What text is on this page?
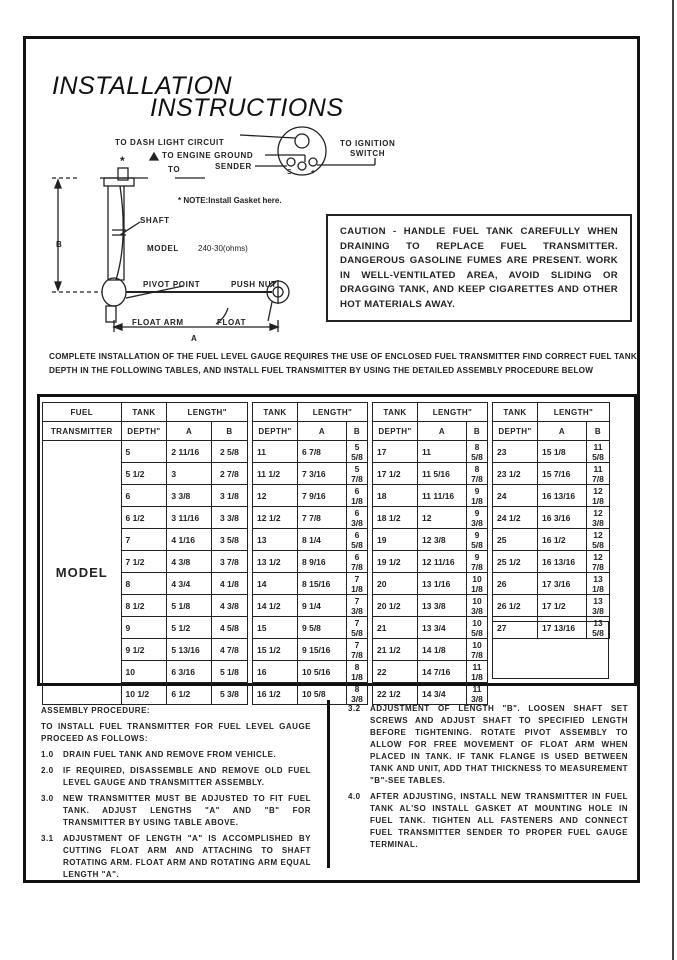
INSTALLATION
INSTRUCTIONS
*
TO DASH LIGHT CIRCUIT
TO ENGINE GROUND
TO	SENDER
TO IGNITION
SWITCH
S	+
* NOTE:Install Gasket here.
SHAFT
MODEL 240-30(ohms)
PIVOT POINT	PUSH NUT
FLOAT ARM	FLOAT
A
B
CAUTION - HANDLE FUEL TANK CAREFULLY WHEN DRAINING TO REPLACE FUEL TRANSMITTER. DANGEROUS GASOLINE FUMES ARE PRESENT. WORK IN WELL-VENTILATED AREA, AVOID SLIDING OR DRAGGING TANK, AND KEEP CIGARETTES AND OTHER HOT MATERIALS AWAY.
COMPLETE INSTALLATION OF THE FUEL LEVEL GAUGE REQUIRES THE USE OF ENCLOSED FUEL TRANSMITTER FIND CORRECT FUEL TANK DEPTH IN THE FOLLOWING TABLES, AND INSTALL FUEL TRANSMITTER BY USING THE DETAILED ASSEMBLY PROCEDURE BELOW
FUEL	TANK	LENGTH"	
TRANSMITTER	DEPTH"	A	B
MODEL	5	2 11/16	2 5/8
	5 1/2	3	2 7/8
	6	3 3/8	3 1/8
	6 1/2	3 11/16	3 3/8
	7	4 1/16	3 5/8
	7 1/2	4 3/8	3 7/8
	8	4 3/4	4 1/8
	8 1/2	5 1/8	4 3/8
	9	5 1/2	4 5/8
	9 1/2	5 13/16	4 7/8
	10	6 3/16	5 1/8
	10 1/2	6 1/2	5 3/8
TANK	LENGTH"	
DEPTH"	A	B
11	6 7/8	5 5/8
11 1/2	7 3/16	5 7/8
12	7 9/16	6 1/8
12 1/2	7 7/8	6 3/8
13	8 1/4	6 5/8
13 1/2	8 9/16	6 7/8
14	8 15/16	7 1/8
14 1/2	9 1/4	7 3/8
15	9 5/8	7 5/8
15 1/2	9 15/16	7 7/8
16	10 5/16	8 1/8
16 1/2	10 5/8	8 3/8
TANK	LENGTH"	
DEPTH"	A	B
17	11	8 5/8
17 1/2	11 5/16	8 7/8
18	11 11/16	9 1/8
18 1/2	12	9 3/8
19	12 3/8	9 5/8
19 1/2	12 11/16	9 7/8
20	13 1/16	10 1/8
20 1/2	13 3/8	10 3/8
21	13 3/4	10 5/8
21 1/2	14 1/8	10 7/8
22	14 7/16	11 1/8
22 1/2	14 3/4	11 3/8
TANK	LENGTH"	
DEPTH"	A	B
23	15 1/8	11 5/8
23 1/2	15 7/16	11 7/8
24	16 13/16	12 1/8
24 1/2	16 3/16	12 3/8
25	16 1/2	12 5/8
25 1/2	16 13/16	12 7/8
26	17 3/16	13 1/8
26 1/2	17 1/2	13 3/8
27	17 13/16	13 5/8
ASSEMBLY PROCEDURE:
TO INSTALL FUEL TRANSMITTER FOR FUEL LEVEL GAUGE PROCEED AS FOLLOWS:
1.0	DRAIN FUEL TANK AND REMOVE FROM VEHICLE.
2.0	IF REQUIRED, DISASSEMBLE AND REMOVE OLD FUEL LEVEL GAUGE AND TRANSMITTER ASSEMBLY.
3.0	NEW TRANSMITTER MUST BE ADJUSTED TO FIT FUEL TANK. ADJUST LENGTHS "A" AND "B" FOR TRANSMITTER BY USING TABLE ABOVE.
3.1	ADJUSTMENT OF LENGTH "A" IS ACCOMPLISHED BY CUTTING FLOAT ARM AND ATTACHING TO SHAFT ROTATING ARM. FLOAT ARM AND ROTATING ARM EQUAL LENGTH "A".
3.2	ADJUSTMENT OF LENGTH "B". LOOSEN SHAFT SET SCREWS AND ADJUST SHAFT TO SPECIFIED LENGTH BEFORE TIGHTENING. ROTATE PIVOT ASSEMBLY TO ALLOW FOR FREE MOVEMENT OF FLOAT ARM WHEN PLACED IN TANK. IF TANK FLANGE IS USED BETWEEN TANK AND UNIT, ADD THAT THICKNESS TO MEASUREMENT "B"-SEE TABLES.
4.0	AFTER ADJUSTING, INSTALL NEW TRANSMITTER IN FUEL TANK AL'SO INSTALL GASKET AT MOUNTING HOLE IN FUEL TANK. TIGHTEN ALL FASTENERS AND CONNECT FUEL TRANSMITTER SENDER TO PROPER FUEL GAUGE TERMINAL.
